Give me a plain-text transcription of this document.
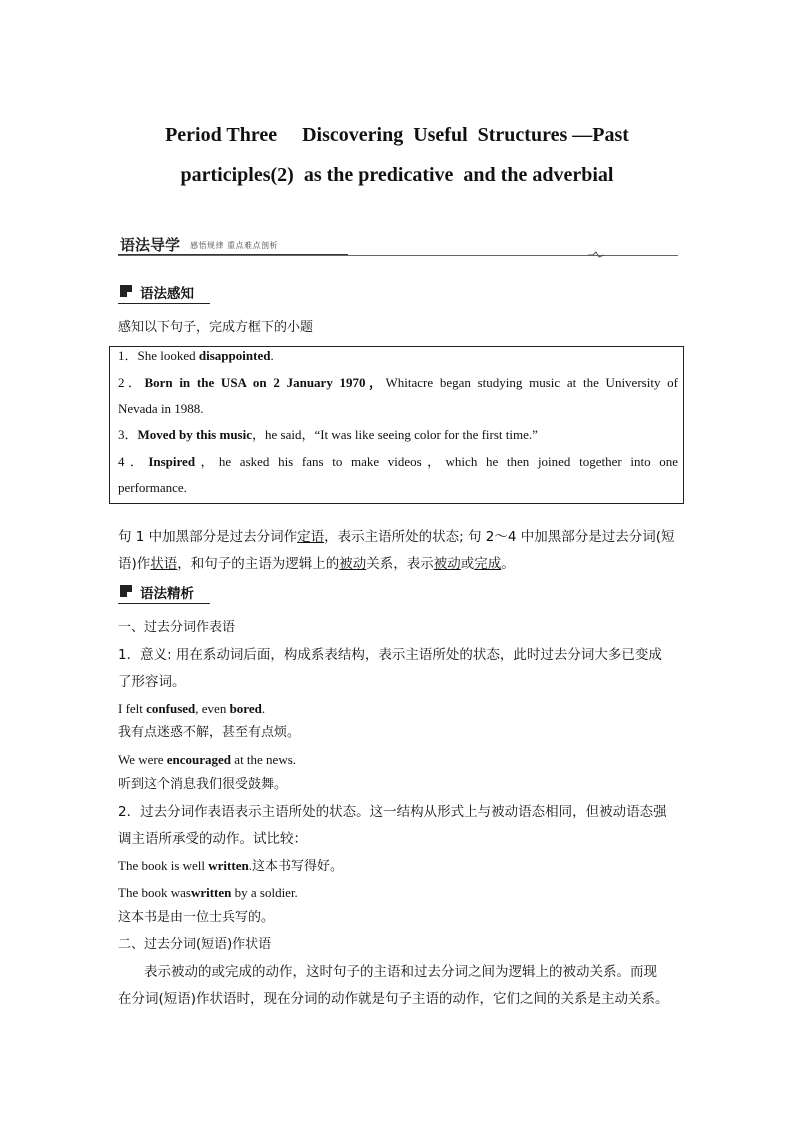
Period Three     Discovering  Useful  Structures —Past
participles(2)  as the predicative  and the adverbial
语法导学 感悟规律 重点难点剖析
语法感知
感知以下句子，完成方框下的小题
1．She looked disappointed.
2．Born in the USA on 2 January 1970，Whitacre began studying music at the University of
Nevada in 1988.
3．Moved by this music，he said，“It was like seeing color for the first time.”
4．Inspired，he asked his fans to make videos，which he then joined together into one
performance.
句 1 中加黑部分是过去分词作定语，表示主语所处的状态; 句 2～4 中加黑部分是过去分词(短
语)作状语，和句子的主语为逻辑上的被动关系，表示被动或完成。
语法精析
一、过去分词作表语
1．意义: 用在系动词后面，构成系表结构，表示主语所处的状态，此时过去分词大多已变成
了形容词。
I felt confused, even bored.
我有点迷惑不解，甚至有点烦。
We were encouraged at the news.
听到这个消息我们很受鼓舞。
2．过去分词作表语表示主语所处的状态。这一结构从形式上与被动语态相同，但被动语态强
调主语所承受的动作。试比较：
The book is well written.这本书写得好。
The book waswritten by a soldier.
这本书是由一位士兵写的。
二、过去分词(短语)作状语
表示被动的或完成的动作，这时句子的主语和过去分词之间为逻辑上的被动关系。而现
在分词(短语)作状语时，现在分词的动作就是句子主语的动作，它们之间的关系是主动关系。
